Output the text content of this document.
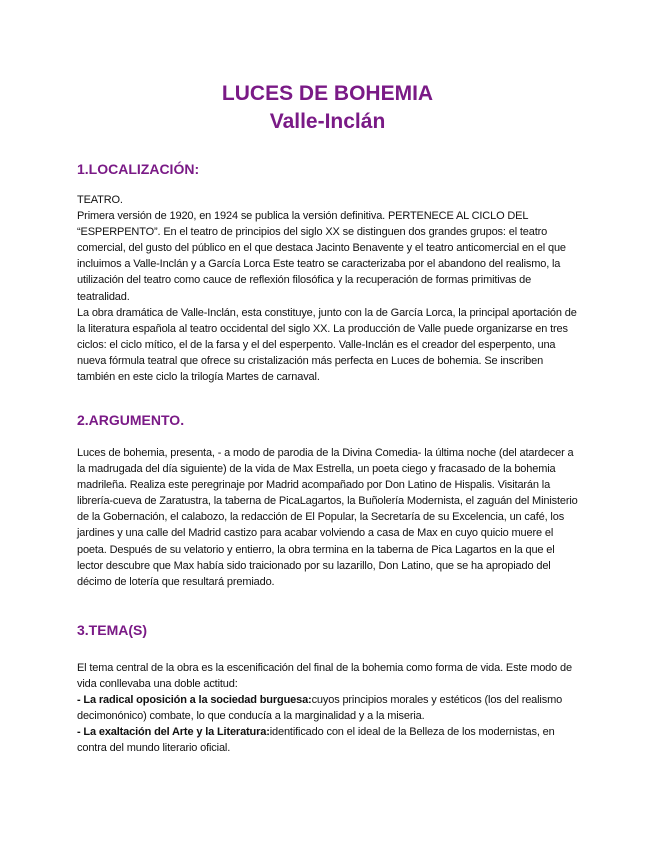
LUCES DE BOHEMIA
Valle-Inclán
1.LOCALIZACIÓN:

TEATRO.

Primera versión de 1920, en 1924 se publica la versión definitiva. PERTENECE AL CICLO DEL “ESPERPENTO”. En el teatro de principios del siglo XX se distinguen dos grandes grupos: el teatro comercial, del gusto del público en el que destaca Jacinto Benavente y el teatro anticomercial en el que incluimos a Valle-Inclán y a García Lorca Este teatro se caracterizaba por el abandono del realismo, la utilización del teatro como cauce de reflexión filosófica y la recuperación de formas primitivas de teatralidad.

La obra dramática de Valle-Inclán, esta constituye, junto con la de García Lorca, la principal aportación de la literatura española al teatro occidental del siglo XX. La producción de Valle puede organizarse en tres ciclos: el ciclo mítico, el de la farsa y el del esperpento. Valle-Inclán es el creador del esperpento, una nueva fórmula teatral que ofrece su cristalización más perfecta en Luces de bohemia. Se inscriben también en este ciclo la trilogía Martes de carnaval.

2.ARGUMENTO.

Luces de bohemia, presenta, - a modo de parodia de la Divina Comedia- la última noche (del atardecer a la madrugada del día siguiente) de la vida de Max Estrella, un poeta ciego y fracasado de la bohemia madrileña. Realiza este peregrinaje por Madrid acompañado por Don Latino de Hispalis. Visitarán la librería-cueva de Zaratustra, la taberna de PicaLagartos, la Buñolería Modernista, el zaguán del Ministerio de la Gobernación, el calabozo, la redacción de El Popular, la Secretaría de su Excelencia, un café, los jardines y una calle del Madrid castizo para acabar volviendo a casa de Max en cuyo quicio muere el poeta. Después de su velatorio y entierro, la obra termina en la taberna de Pica Lagartos en la que el lector descubre que Max había sido traicionado por su lazarillo, Don Latino, que se ha apropiado del décimo de lotería que resultará premiado.

3.TEMA(S)

El tema central de la obra es la escenificación del final de la bohemia como forma de vida. Este modo de vida conllevaba una doble actitud:

- La radical oposición a la sociedad burguesa:cuyos principios morales y estéticos (los del realismo decimonónico) combate, lo que conducía a la marginalidad y a la miseria.

- La exaltación del Arte y la Literatura:identificado con el ideal de la Belleza de los modernistas, en contra del mundo literario oficial.
